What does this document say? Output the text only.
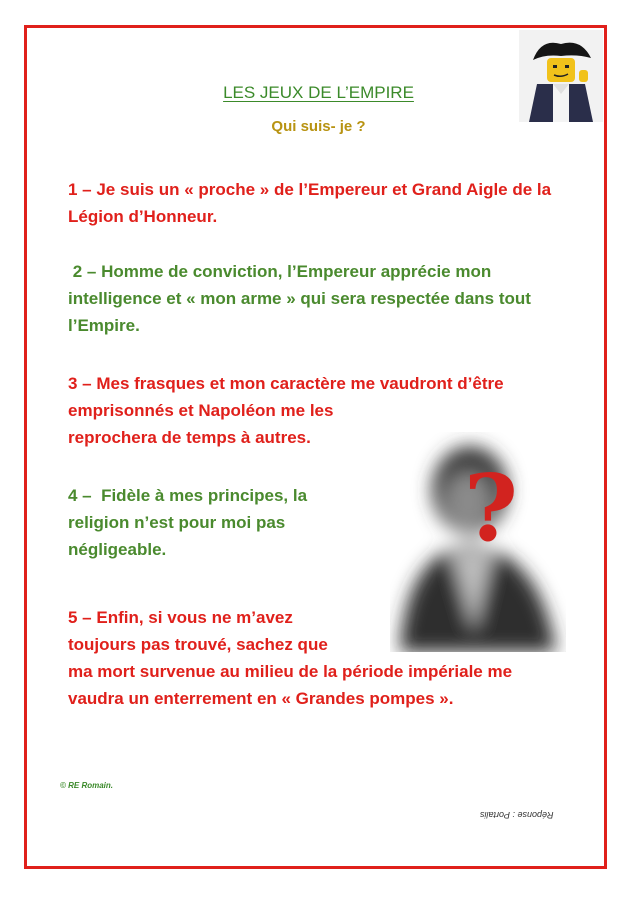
LES JEUX DE L’EMPIRE
Qui suis- je ?
1 – Je suis un « proche » de l’Empereur et Grand Aigle de la
Légion d’Honneur.
2 – Homme de conviction, l’Empereur apprécie mon
intelligence et « mon arme » qui sera respectée dans tout
l’Empire.
3 – Mes frasques et mon caractère me vaudront d’être
emprisonnés et Napoléon me les
reprochera de temps à autres.
4 –  Fidèle à mes principes, la
religion n’est pour moi pas
négligeable.
5 – Enfin, si vous ne m’avez
toujours pas trouvé, sachez que
ma mort survenue au milieu de la période impériale me
vaudra un enterrement en « Grandes pompes ».
?
© RE Romain.
Réponse : Portalis
